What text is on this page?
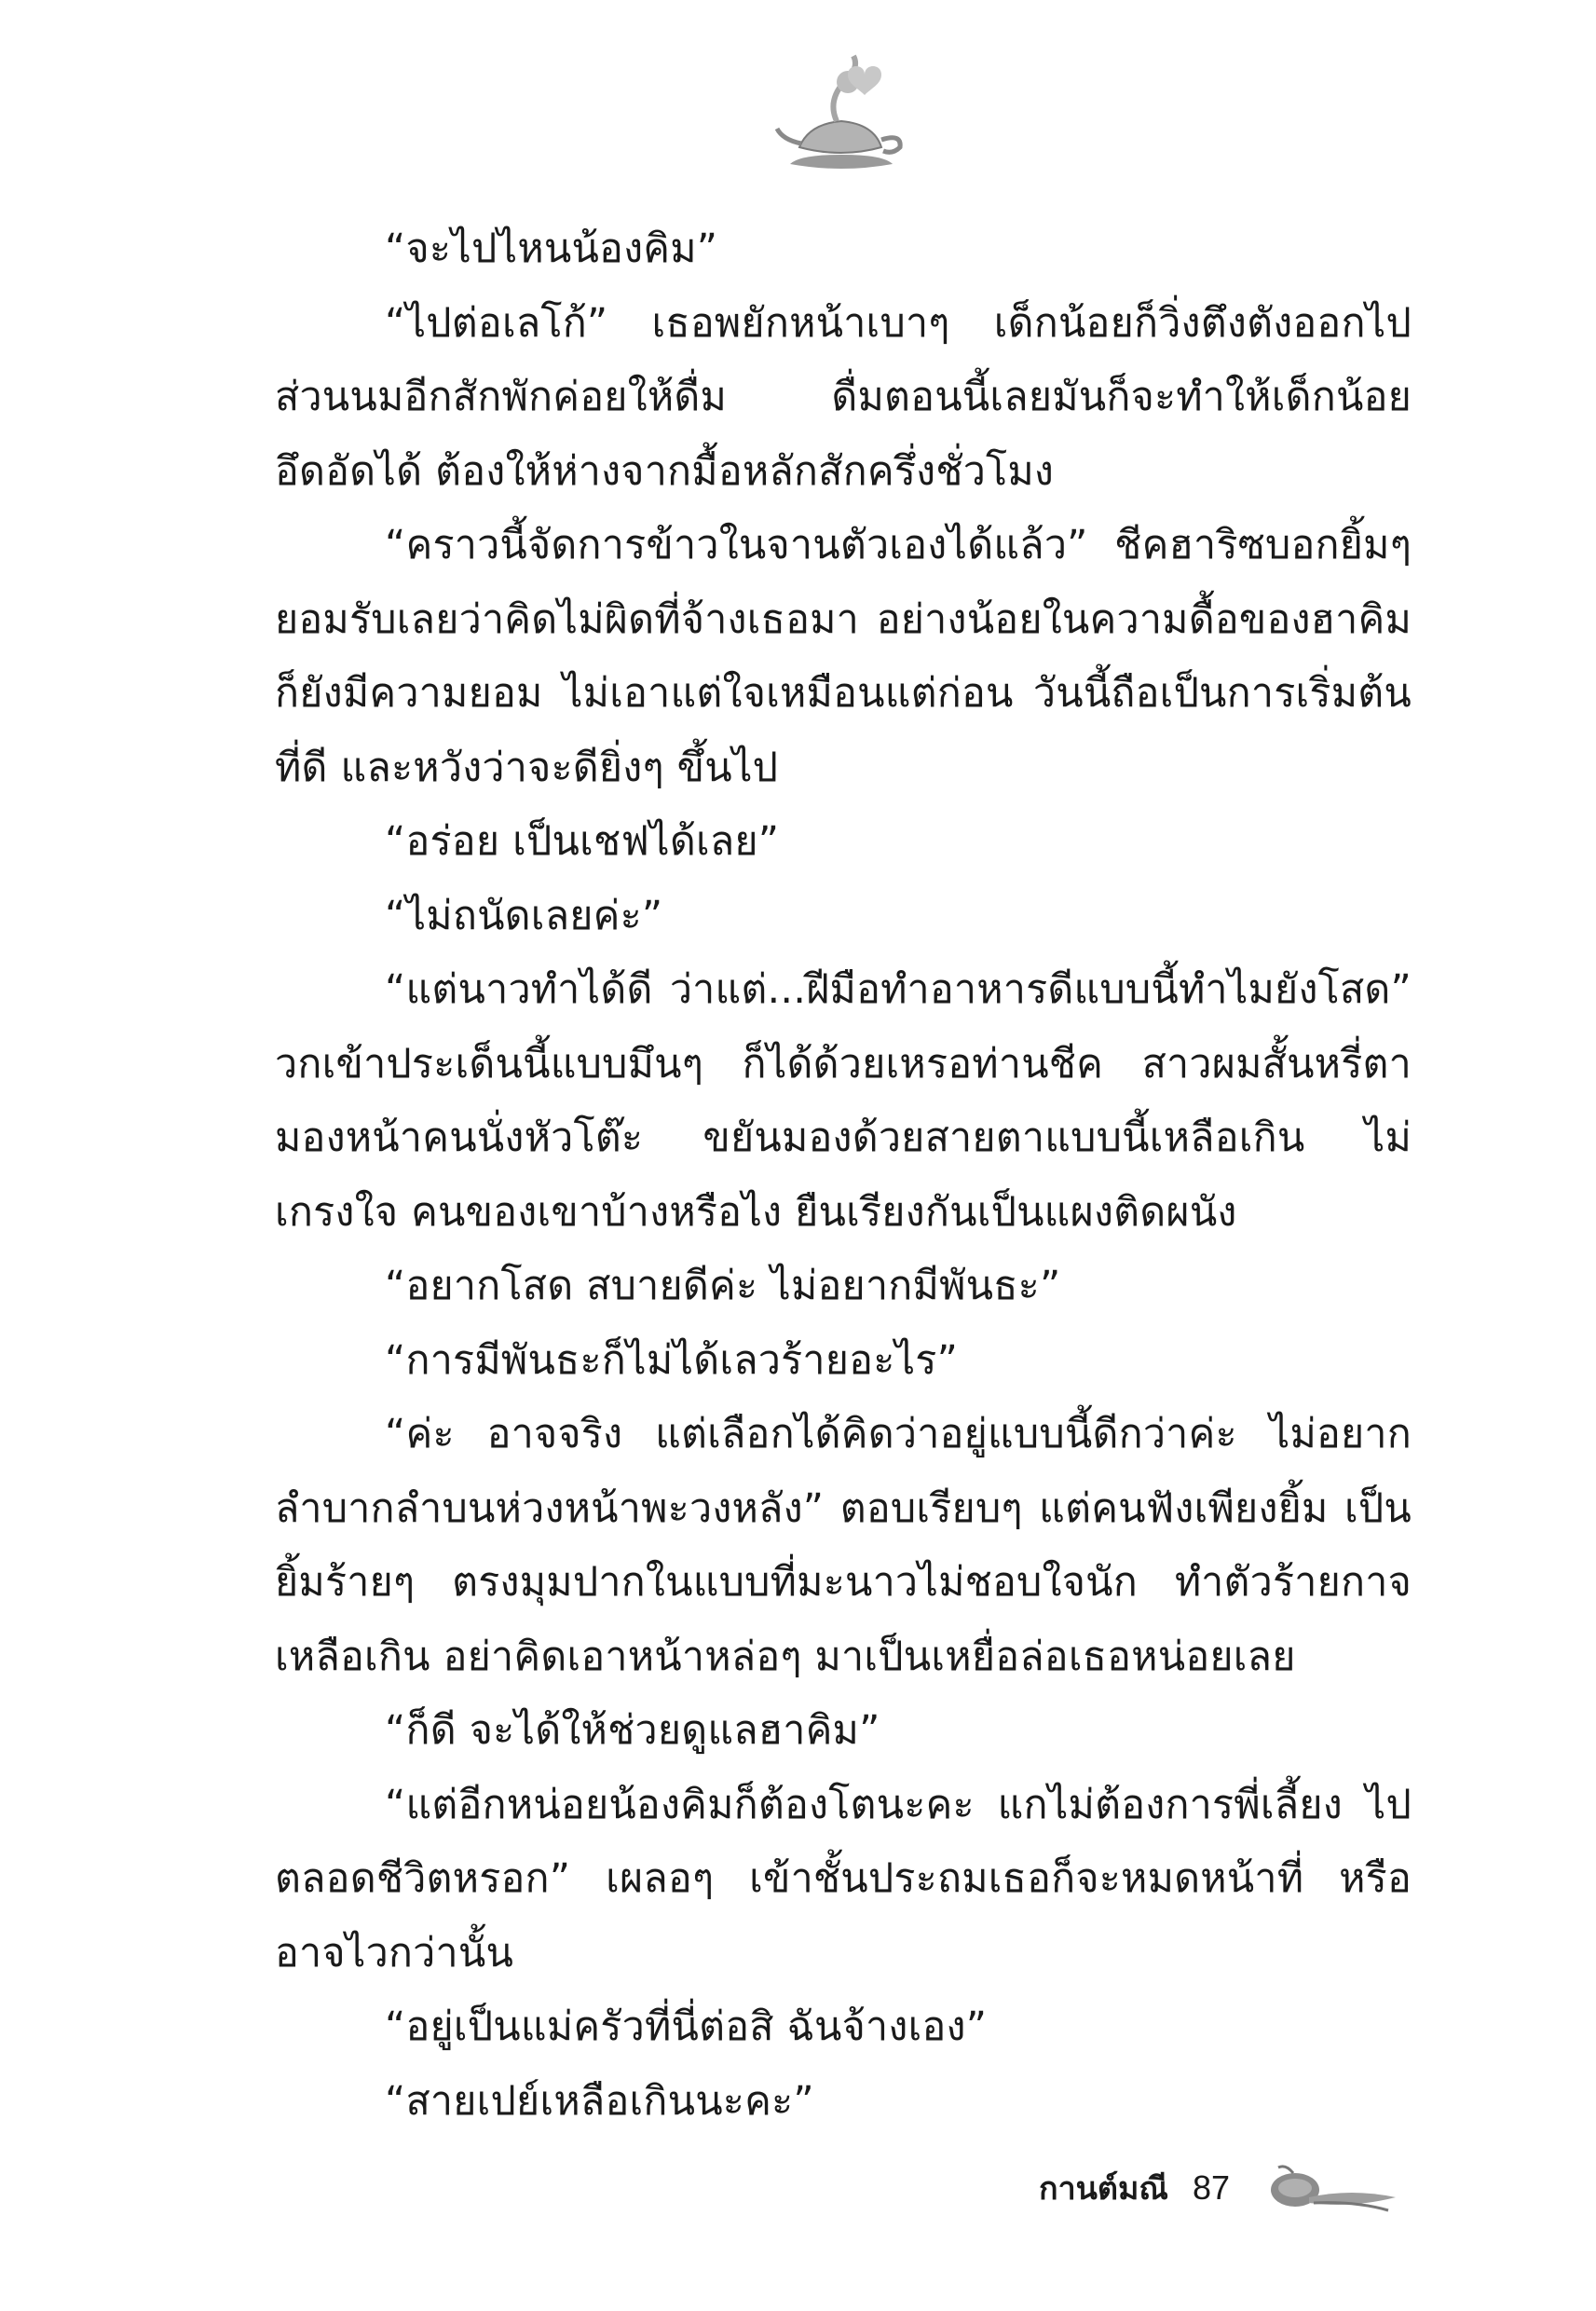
“จะไปไหนน้องคิม”

“ไปต่อเลโก้” เธอพยักหน้าเบาๆ เด็กน้อยก็วิ่งตึงตังออกไป ส่วนนมอีกสักพักค่อยให้ดื่ม ดื่มตอนนี้เลยมันก็จะทำให้เด็กน้อยอึดอัดได้ ต้องให้ห่างจากมื้อหลักสักครึ่งชั่วโมง

“คราวนี้จัดการข้าวในจานตัวเองได้แล้ว” ชีคฮาริซบอกยิ้มๆ ยอมรับเลยว่าคิดไม่ผิดที่จ้างเธอมา อย่างน้อยในความดื้อของฮาคิม ก็ยังมีความยอม ไม่เอาแต่ใจเหมือนแต่ก่อน วันนี้ถือเป็นการเริ่มต้นที่ดี และหวังว่าจะดียิ่งๆ ขึ้นไป

“อร่อย เป็นเชฟได้เลย”

“ไม่ถนัดเลยค่ะ”

“แต่นาวทำได้ดี ว่าแต่...ฝีมือทำอาหารดีแบบนี้ทำไมยังโสด” วกเข้าประเด็นนี้แบบมึนๆ ก็ได้ด้วยเหรอท่านชีค สาวผมสั้นหรี่ตา มองหน้าคนนั่งหัวโต๊ะ ขยันมองด้วยสายตาแบบนี้เหลือเกิน ไม่เกรงใจ คนของเขาบ้างหรือไง ยืนเรียงกันเป็นแผงติดผนัง

“อยากโสด สบายดีค่ะ ไม่อยากมีพันธะ”

“การมีพันธะก็ไม่ได้เลวร้ายอะไร”

“ค่ะ อาจจริง แต่เลือกได้คิดว่าอยู่แบบนี้ดีกว่าค่ะ ไม่อยาก ลำบากลำบนห่วงหน้าพะวงหลัง” ตอบเรียบๆ แต่คนฟังเพียงยิ้ม เป็น ยิ้มร้ายๆ ตรงมุมปากในแบบที่มะนาวไม่ชอบใจนัก ทำตัวร้ายกาจ เหลือเกิน อย่าคิดเอาหน้าหล่อๆ มาเป็นเหยื่อล่อเธอหน่อยเลย

“ก็ดี จะได้ให้ช่วยดูแลฮาคิม”

“แต่อีกหน่อยน้องคิมก็ต้องโตนะคะ แกไม่ต้องการพี่เลี้ยง ไปตลอดชีวิตหรอก” เผลอๆ เข้าชั้นประถมเธอก็จะหมดหน้าที่ หรือ อาจไวกว่านั้น

“อยู่เป็นแม่ครัวที่นี่ต่อสิ ฉันจ้างเอง”

“สายเปย์เหลือเกินนะคะ”

กานต์มณี 87
